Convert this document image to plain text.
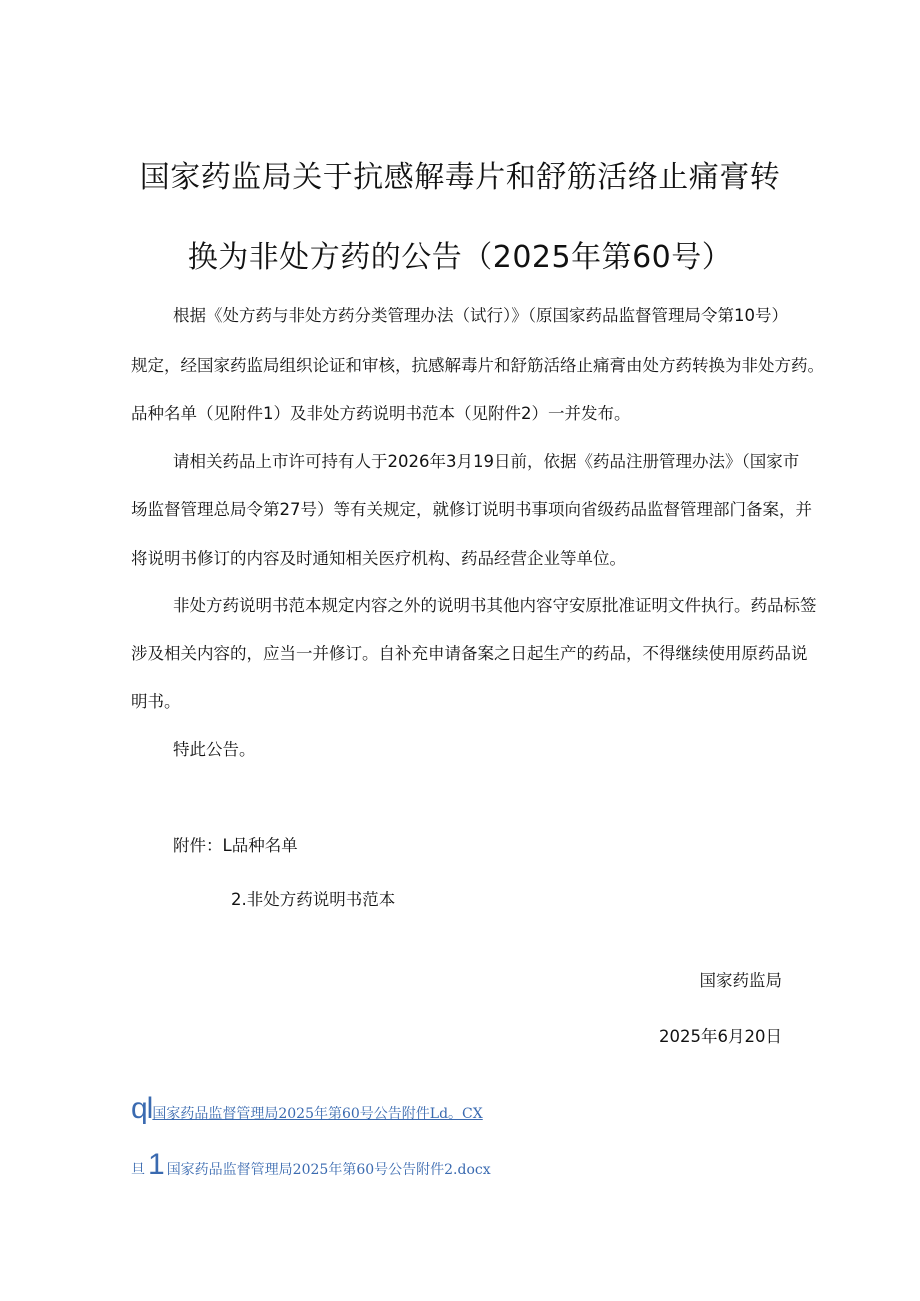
国家药监局关于抗感解毒片和舒筋活络止痛膏转
换为非处方药的公告（2025年第60号）
根据《处方药与非处方药分类管理办法（试行）》（原国家药品监督管理局令第10号）
规定，经国家药监局组织论证和审核，抗感解毒片和舒筋活络止痛膏由处方药转换为非处方药。
品种名单（见附件1）及非处方药说明书范本（见附件2）一并发布。
请相关药品上市许可持有人于2026年3月19日前，依据《药品注册管理办法》（国家市
场监督管理总局令第27号）等有关规定，就修订说明书事项向省级药品监督管理部门备案，并
将说明书修订的内容及时通知相关医疗机构、药品经营企业等单位。
非处方药说明书范本规定内容之外的说明书其他内容守安原批准证明文件执行。药品标签
涉及相关内容的，应当一并修订。自补充申请备案之日起生产的药品，不得继续使用原药品说
明书。
特此公告。
附件：L品种名单
2.非处方药说明书范本
国家药监局
2025年6月20日
ql国家药品监督管理局2025年第60号公告附件Ld。CX
旦 1 国家药品监督管理局2025年第60号公告附件2.docx
